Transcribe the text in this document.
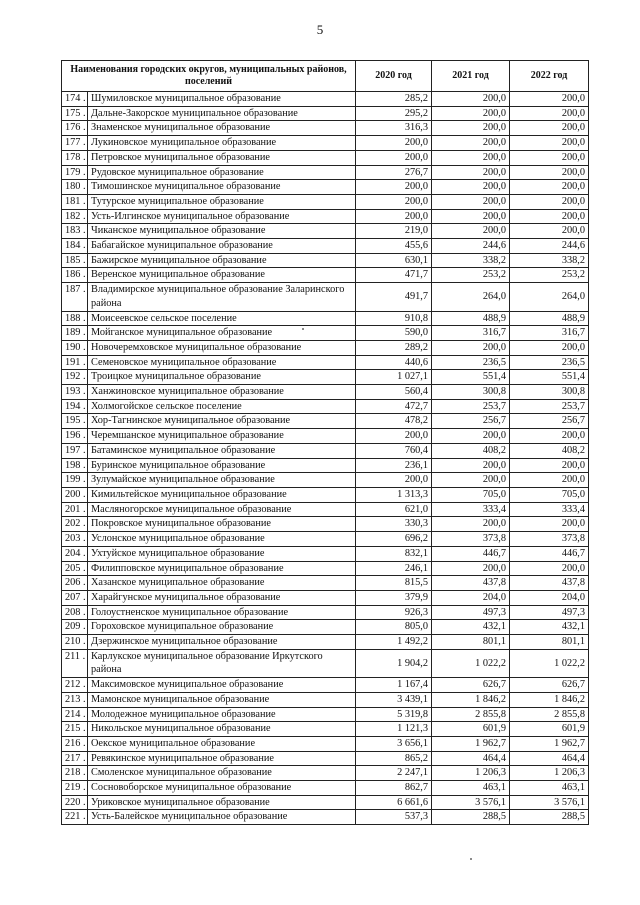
5
Наименования городских округов, муниципальных районов, поселений		2020 год	2021 год	2022 год
174 .	Шумиловское муниципальное образование	285,2	200,0	200,0
175 .	Дальне-Закорское муниципальное образование	295,2	200,0	200,0
176 .	Знаменское муниципальное образование	316,3	200,0	200,0
177 .	Лукиновское муниципальное образование	200,0	200,0	200,0
178 .	Петровское муниципальное образование	200,0	200,0	200,0
179 .	Рудовское муниципальное образование	276,7	200,0	200,0
180 .	Тимошинское муниципальное образование	200,0	200,0	200,0
181 .	Тутурское муниципальное образование	200,0	200,0	200,0
182 .	Усть-Илгинское муниципальное образование	200,0	200,0	200,0
183 .	Чиканское муниципальное образование	219,0	200,0	200,0
184 .	Бабагайское муниципальное образование	455,6	244,6	244,6
185 .	Бажирское муниципальное образование	630,1	338,2	338,2
186 .	Веренское муниципальное образование	471,7	253,2	253,2
187 .	Владимирское муниципальное образование Заларинского района	491,7	264,0	264,0
188 .	Моисеевское сельское поселение	910,8	488,9	488,9
189 .	Мойганское муниципальное образование	590,0	316,7	316,7
190 .	Новочеремховское муниципальное образование	289,2	200,0	200,0
191 .	Семеновское муниципальное образование	440,6	236,5	236,5
192 .	Троицкое муниципальное образование	1 027,1	551,4	551,4
193 .	Ханжиновское муниципальное образование	560,4	300,8	300,8
194 .	Холмогойское сельское поселение	472,7	253,7	253,7
195 .	Хор-Тагнинское муниципальное образование	478,2	256,7	256,7
196 .	Черемшанское муниципальное образование	200,0	200,0	200,0
197 .	Батаминское муниципальное образование	760,4	408,2	408,2
198 .	Буринское муниципальное образование	236,1	200,0	200,0
199 .	Зулумайское муниципальное образование	200,0	200,0	200,0
200 .	Кимильтейское муниципальное образование	1 313,3	705,0	705,0
201 .	Масляногорское муниципальное образование	621,0	333,4	333,4
202 .	Покровское муниципальное образование	330,3	200,0	200,0
203 .	Услонское муниципальное образование	696,2	373,8	373,8
204 .	Ухтуйское муниципальное образование	832,1	446,7	446,7
205 .	Филипповское муниципальное образование	246,1	200,0	200,0
206 .	Хазанское муниципальное образование	815,5	437,8	437,8
207 .	Харайгунское муниципальное образование	379,9	204,0	204,0
208 .	Голоустненское муниципальное образование	926,3	497,3	497,3
209 .	Гороховское муниципальное образование	805,0	432,1	432,1
210 .	Дзержинское муниципальное образование	1 492,2	801,1	801,1
211 .	Карлукское муниципальное образование Иркутского района	1 904,2	1 022,2	1 022,2
212 .	Максимовское муниципальное образование	1 167,4	626,7	626,7
213 .	Мамонское муниципальное образование	3 439,1	1 846,2	1 846,2
214 .	Молодежное муниципальное образование	5 319,8	2 855,8	2 855,8
215 .	Никольское муниципальное образование	1 121,3	601,9	601,9
216 .	Оекское муниципальное образование	3 656,1	1 962,7	1 962,7
217 .	Ревякинское муниципальное образование	865,2	464,4	464,4
218 .	Смоленское муниципальное образование	2 247,1	1 206,3	1 206,3
219 .	Сосновоборское муниципальное образование	862,7	463,1	463,1
220 .	Уриковское муниципальное образование	6 661,6	3 576,1	3 576,1
221 .	Усть-Балейское муниципальное образование	537,3	288,5	288,5
